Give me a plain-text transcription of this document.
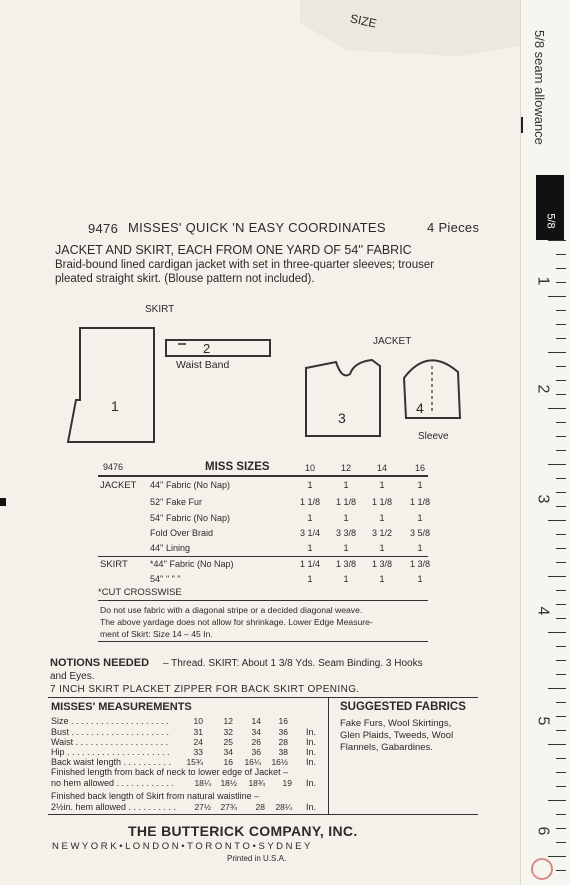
SIZE
5/8 seam allowance
5/8
1
2
3
4
5
6
9476 MISSES' QUICK 'N EASY COORDINATES	4 Pieces
JACKET AND SKIRT, EACH FROM ONE YARD OF 54'' FABRIC
Braid-bound lined cardigan jacket with set in three-quarter sleeves; trouser
pleated straight skirt. (Blouse pattern not included).
SKIRT
1
2
Waist Band
JACKET
3
4
Sleeve
9476	MISS SIZES	10	12	14	16
JACKET 44'' Fabric (No Nap)	1	1	1	1
52'' Fake Fur	1 1/8	1 1/8	1 1/8	1 1/8
54'' Fabric (No Nap)	1	1	1	1
Fold Over Braid	3 1/4	3 3/8	3 1/2	3 5/8
44'' Lining	1	1	1	1
SKIRT *44'' Fabric (No Nap)	1 1/4	1 3/8	1 3/8	1 3/8
54'' " " "	1	1	1	1
*CUT CROSSWISE
Do not use fabric with a diagonal stripe or a decided diagonal weave.
The above yardage does not allow for shrinkage. Lower Edge Measure-
ment of Skirt: Size 14 – 45 In.
NOTIONS NEEDED – Thread. SKIRT: About 1 3/8 Yds. Seam Binding. 3 Hooks
and Eyes.
7 INCH SKIRT PLACKET ZIPPER FOR BACK SKIRT OPENING.
MISSES' MEASUREMENTS
Size . . . . . . . . . . . . . . . . . . . .	10	12	14	16
Bust . . . . . . . . . . . . . . . . . . . .	31	32	34	36 In.
Waist . . . . . . . . . . . . . . . . . . .	24	25	26	28 In.
Hip . . . . . . . . . . . . . . . . . . . . .	33	34	36	38 In.
Back waist length . . . . . . . . . .	15¾	16	16¼	16½ In.
Finished length from back of neck to lower edge of Jacket –
no hem allowed . . . . . . . . . . . .	18¼	18½	18¾	19 In.
Finished back length of Skirt from natural waistline –
2½in. hem allowed . . . . . . . . . .	27½	27¾	28	28¼ In.
SUGGESTED FABRICS
Fake Furs, Wool Skirtings,
Glen Plaids, Tweeds, Wool
Flannels, Gabardines.
THE BUTTERICK COMPANY, INC.
N E W Y O R K • L O N D O N • T O R O N T O • S Y D N E Y
Printed in U.S.A.
